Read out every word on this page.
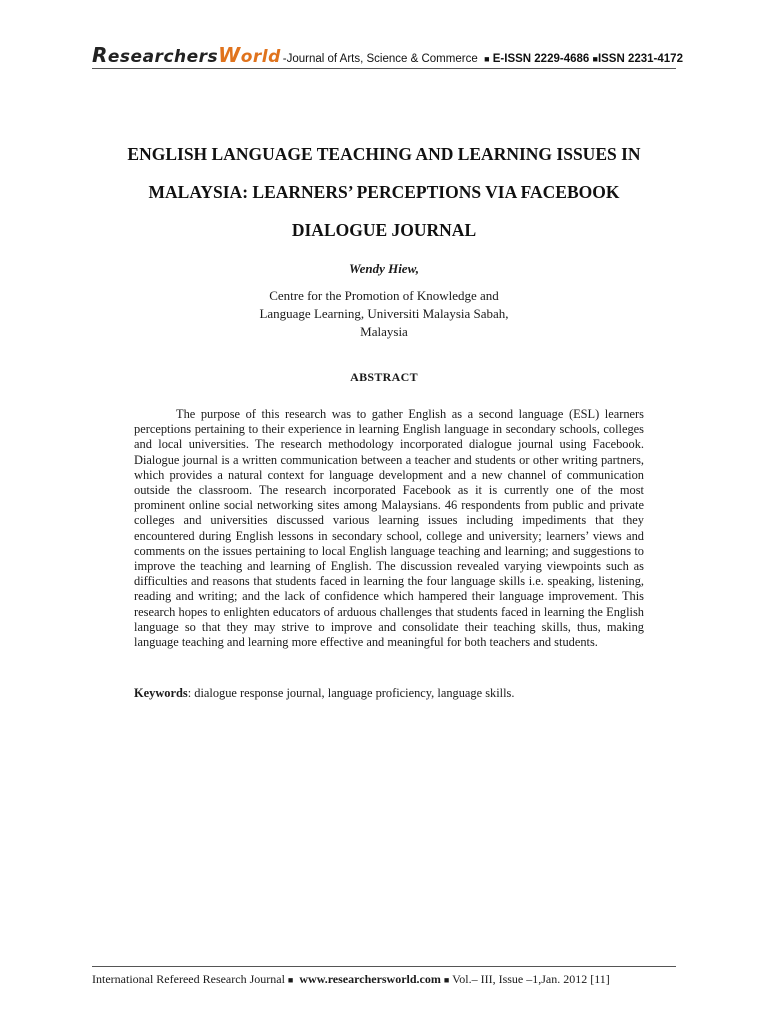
ResearchersWorld -Journal of Arts, Science & Commerce ■ E-ISSN 2229-4686 ■ISSN 2231-4172
ENGLISH LANGUAGE TEACHING AND LEARNING ISSUES IN
MALAYSIA: LEARNERS’ PERCEPTIONS VIA FACEBOOK
DIALOGUE JOURNAL
Wendy Hiew,
Centre for the Promotion of Knowledge and
Language Learning, Universiti Malaysia Sabah,
Malaysia
ABSTRACT

The purpose of this research was to gather English as a second language (ESL) learners perceptions pertaining to their experience in learning English language in secondary schools, colleges and local universities. The research methodology incorporated dialogue journal using Facebook. Dialogue journal is a written communication between a teacher and students or other writing partners, which provides a natural context for language development and a new channel of communication outside the classroom. The research incorporated Facebook as it is currently one of the most prominent online social networking sites among Malaysians. 46 respondents from public and private colleges and universities discussed various learning issues including impediments that they encountered during English lessons in secondary school, college and university; learners’ views and comments on the issues pertaining to local English language teaching and learning; and suggestions to improve the teaching and learning of English. The discussion revealed varying viewpoints such as difficulties and reasons that students faced in learning the four language skills i.e. speaking, listening, reading and writing; and the lack of confidence which hampered their language improvement. This research hopes to enlighten educators of arduous challenges that students faced in learning the English language so that they may strive to improve and consolidate their teaching skills, thus, making language teaching and learning more effective and meaningful for both teachers and students.

Keywords: dialogue response journal, language proficiency, language skills.
International Refereed Research Journal ■ www.researchersworld.com ■ Vol.– III, Issue –1,Jan. 2012 [11]
